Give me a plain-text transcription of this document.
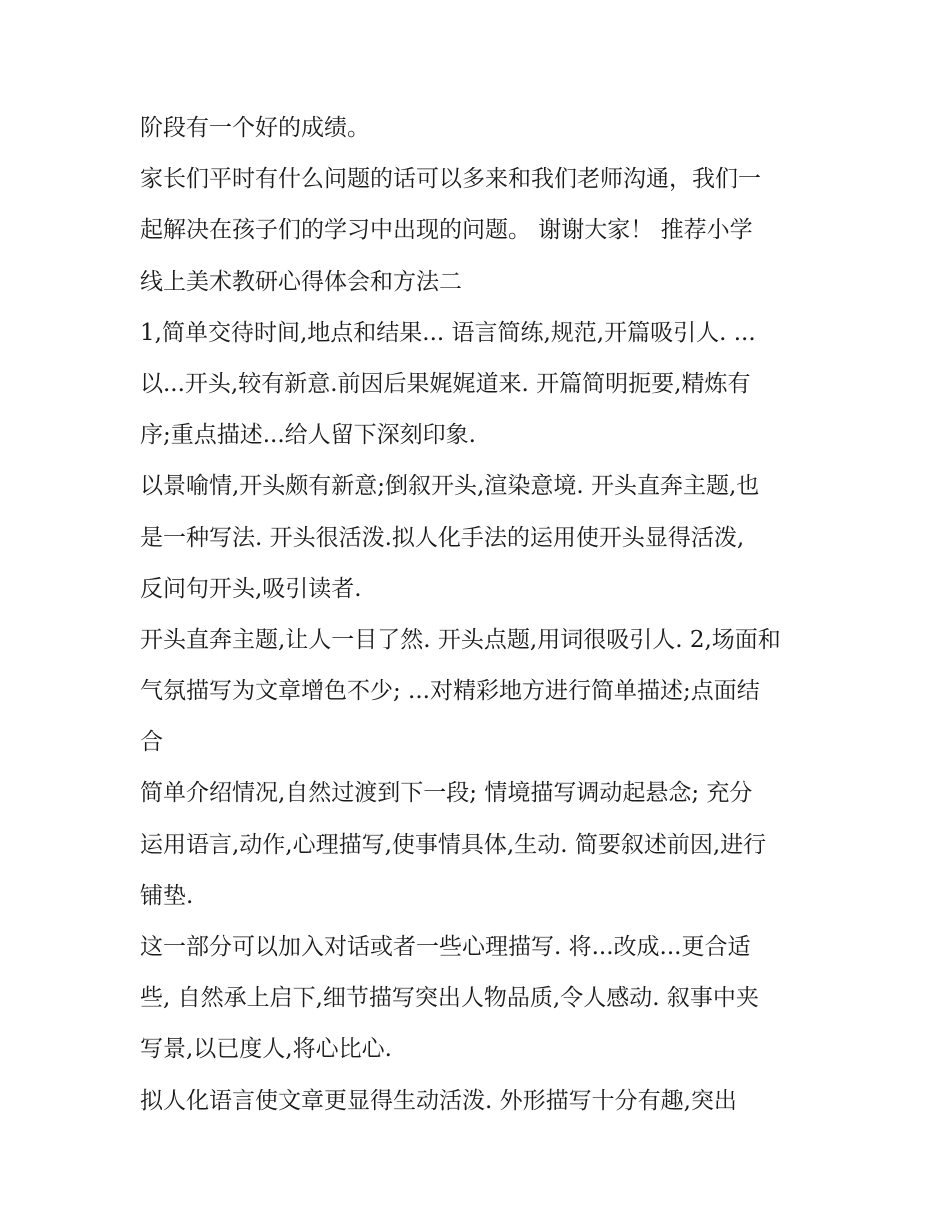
阶段有一个好的成绩。
家长们平时有什么问题的话可以多来和我们老师沟通，我们一
起解决在孩子们的学习中出现的问题。 谢谢大家！ 推荐小学
线上美术教研心得体会和方法二
1,简单交待时间,地点和结果... 语言简练,规范,开篇吸引人. ...
以...开头,较有新意.前因后果娓娓道来. 开篇简明扼要,精炼有
序;重点描述...给人留下深刻印象.
以景喻情,开头颇有新意;倒叙开头,渲染意境. 开头直奔主题,也
是一种写法. 开头很活泼.拟人化手法的运用使开头显得活泼,
反问句开头,吸引读者.
开头直奔主题,让人一目了然. 开头点题,用词很吸引人. 2,场面和
气氛描写为文章增色不少; ...对精彩地方进行简单描述;点面结
合
简单介绍情况,自然过渡到下一段; 情境描写调动起悬念; 充分
运用语言,动作,心理描写,使事情具体,生动. 简要叙述前因,进行
铺垫.
这一部分可以加入对话或者一些心理描写. 将...改成...更合适
些, 自然承上启下,细节描写突出人物品质,令人感动. 叙事中夹
写景,以已度人,将心比心.
拟人化语言使文章更显得生动活泼. 外形描写十分有趣,突出
